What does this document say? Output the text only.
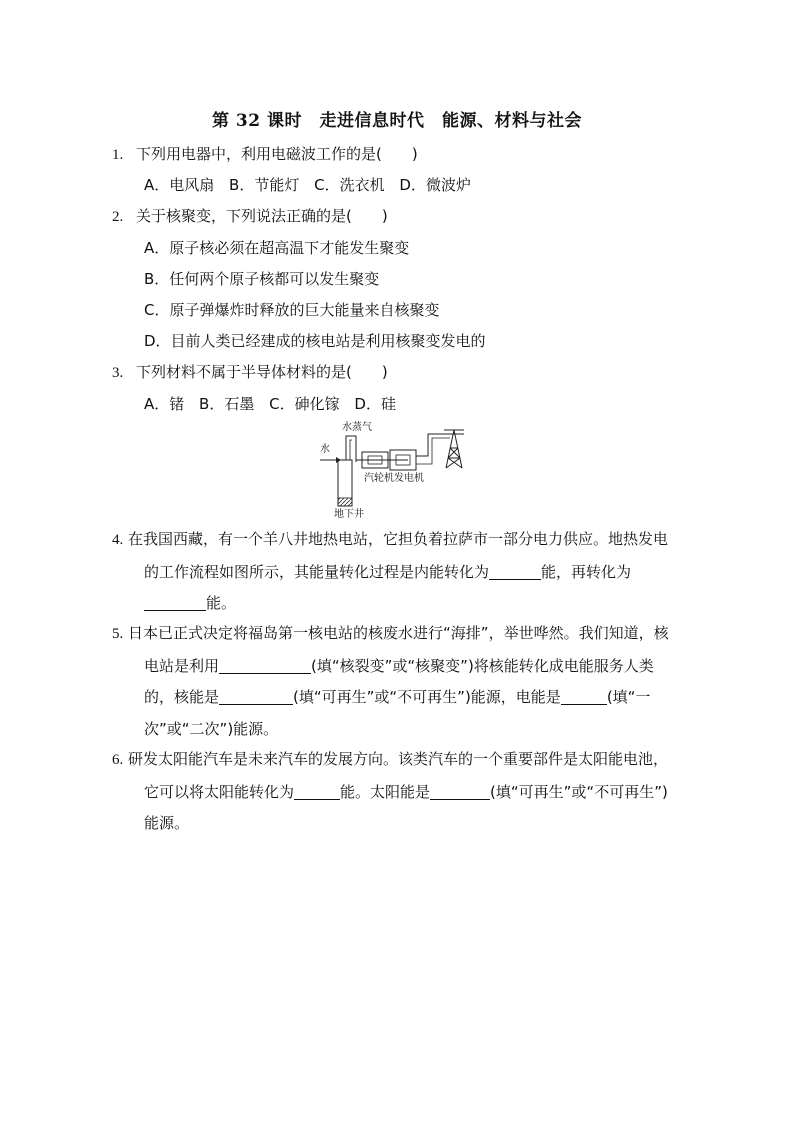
第 32 课时　走进信息时代　能源、材料与社会
1. 下列用电器中，利用电磁波工作的是(　　)
A．电风扇 B．节能灯 C．洗衣机 D．微波炉
2. 关于核聚变，下列说法正确的是(　　)
A．原子核必须在超高温下才能发生聚变
B．任何两个原子核都可以发生聚变
C．原子弹爆炸时释放的巨大能量来自核聚变
D．目前人类已经建成的核电站是利用核聚变发电的
3. 下列材料不属于半导体材料的是(　　)
A．锗 B．石墨 C．砷化镓 D．硅
水
水蒸气
汽轮机发电机
地下井
4. 在我国西藏，有一个羊八井地热电站，它担负着拉萨市一部分电力供应。地热发电的工作流程如图所示，其能量转化过程是内能转化为	能，再转化为能。
5. 日本已正式决定将福岛第一核电站的核废水进行“海排”，举世哗然。我们知道，核电站是利用	(填“核裂变”或“核聚变”)将核能转化成电能服务人类的，核能是	(填“可再生”或“不可再生”)能源，电能是	(填“一次”或“二次”)能源。
6. 研发太阳能汽车是未来汽车的发展方向。该类汽车的一个重要部件是太阳能电池，它可以将太阳能转化为	能。太阳能是	(填“可再生”或“不可再生”)能源。
